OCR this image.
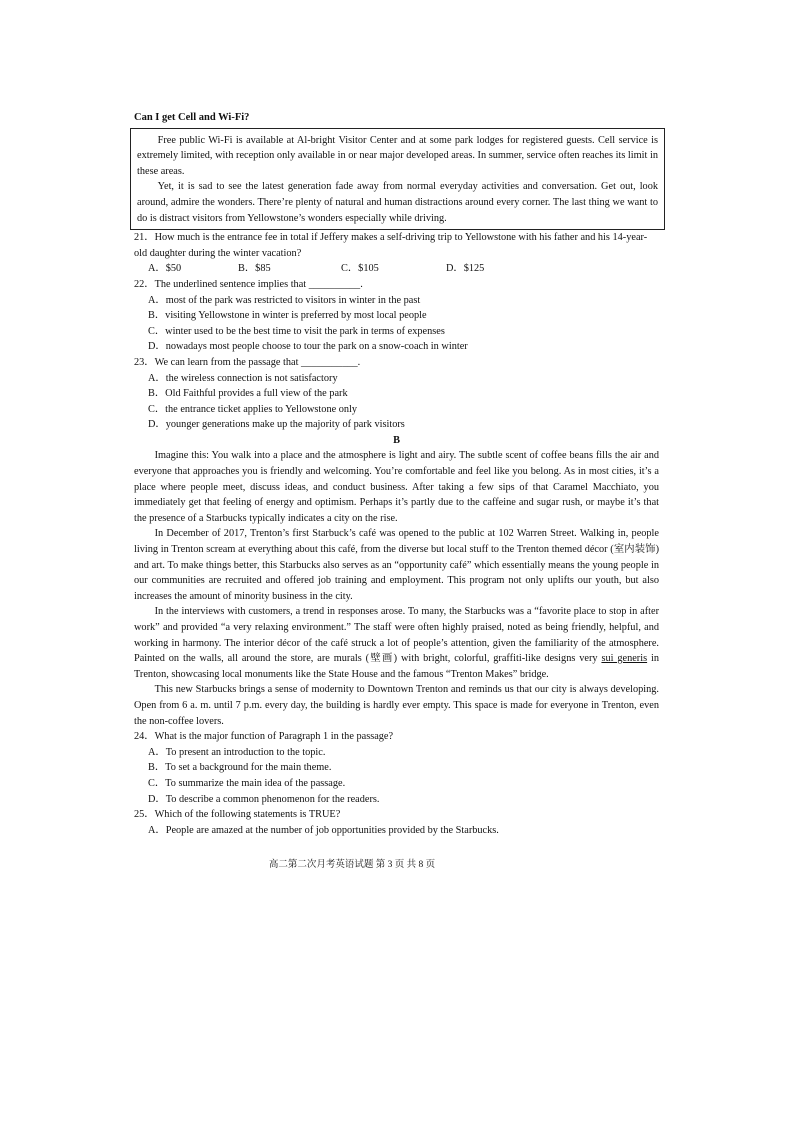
Can I get Cell and Wi-Fi?

Free public Wi-Fi is available at Al-bright Visitor Center and at some park lodges for registered guests. Cell service is extremely limited, with reception only available in or near major developed areas. In summer, service often reaches its limit in these areas.

Yet, it is sad to see the latest generation fade away from normal everyday activities and conversation. Get out, look around, admire the wonders. There’re plenty of natural and human distractions around every corner. The last thing we want to do is distract visitors from Yellowstone’s wonders especially while driving.

21．How much is the entrance fee in total if Jeffery makes a self-driving trip to Yellowstone with his father and his 14-year-old daughter during the winter vacation?

A．$50	B．$85	C．$105	D．$125

22．The underlined sentence implies that __________.

A．most of the park was restricted to visitors in winter in the past

B．visiting Yellowstone in winter is preferred by most local people

C．winter used to be the best time to visit the park in terms of expenses

D．nowadays most people choose to tour the park on a snow-coach in winter

23．We can learn from the passage that ___________.

A．the wireless connection is not satisfactory

B．Old Faithful provides a full view of the park

C．the entrance ticket applies to Yellowstone only

D．younger generations make up the majority of park visitors

B

Imagine this: You walk into a place and the atmosphere is light and airy. The subtle scent of coffee beans fills the air and everyone that approaches you is friendly and welcoming. You’re comfortable and feel like you belong. As in most cities, it’s a place where people meet, discuss ideas, and conduct business. After taking a few sips of that Caramel Macchiato, you immediately get that feeling of energy and optimism. Perhaps it’s partly due to the caffeine and sugar rush, or maybe it’s that the presence of a Starbucks typically indicates a city on the rise.

In December of 2017, Trenton’s first Starbuck’s café was opened to the public at 102 Warren Street. Walking in, people living in Trenton scream at everything about this café, from the diverse but local stuff to the Trenton themed décor (室内装饰) and art. To make things better, this Starbucks also serves as an “opportunity café” which essentially means the young people in our communities are recruited and offered job training and employment. This program not only uplifts our youth, but also increases the amount of minority business in the city.

In the interviews with customers, a trend in responses arose. To many, the Starbucks was a “favorite place to stop in after work” and provided “a very relaxing environment.” The staff were often highly praised, noted as being friendly, helpful, and working in harmony. The interior décor of the café struck a lot of people’s attention, given the familiarity of the atmosphere. Painted on the walls, all around the store, are murals (壁画) with bright, colorful, graffiti-like designs very sui generis in Trenton, showcasing local monuments like the State House and the famous “Trenton Makes” bridge.

This new Starbucks brings a sense of modernity to Downtown Trenton and reminds us that our city is always developing. Open from 6 a. m. until 7 p.m. every day, the building is hardly ever empty. This space is made for everyone in Trenton, even the non-coffee lovers.

24．What is the major function of Paragraph 1 in the passage?

A．To present an introduction to the topic.

B．To set a background for the main theme.

C．To summarize the main idea of the passage.

D．To describe a common phenomenon for the readers.

25．Which of the following statements is TRUE?

A．People are amazed at the number of job opportunities provided by the Starbucks.

高二第二次月考英语试题 第 3 页 共 8 页
